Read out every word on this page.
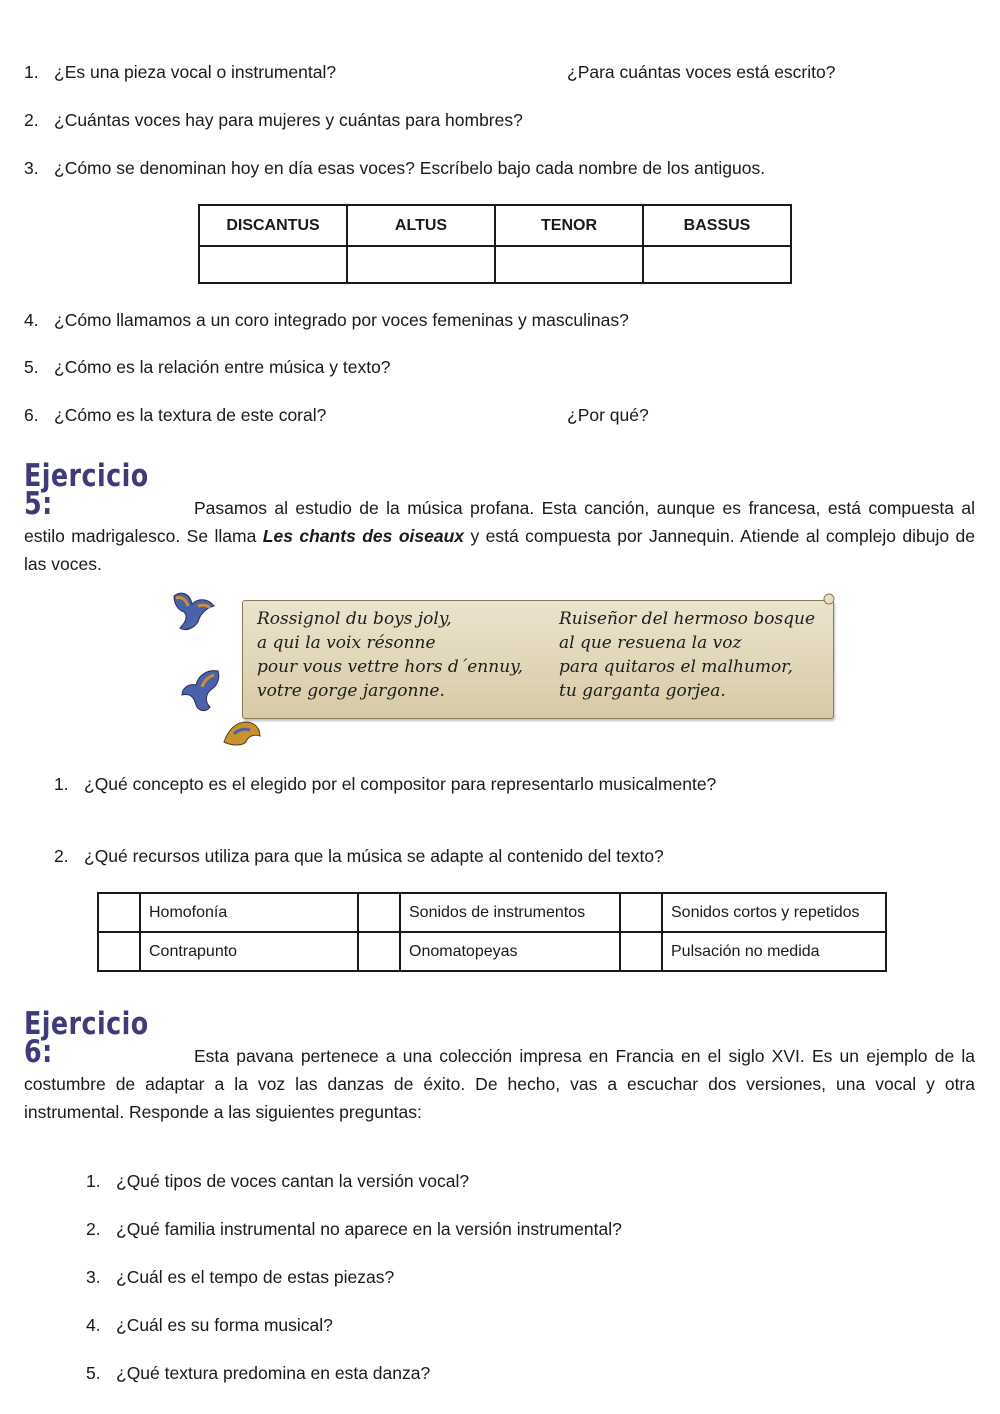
1. ¿Es una pieza vocal o instrumental?	¿Para cuántas voces está escrito?
2. ¿Cuántas voces hay para mujeres y cuántas para hombres?
3. ¿Cómo se denominan hoy en día esas voces? Escríbelo bajo cada nombre de los antiguos.
DISCANTUS	ALTUS	TENOR	BASSUS

4. ¿Cómo llamamos a un coro integrado por voces femeninas y masculinas?
5. ¿Cómo es la relación entre música y texto?
6. ¿Cómo es la textura de este coral?	¿Por qué?
Ejercicio 5:	Pasamos al estudio de la música profana. Esta canción, aunque es francesa, está compuesta al estilo madrigalesco. Se llama Les chants des oiseaux y está compuesta por Jannequin. Atiende al complejo dibujo de las voces.
Rossignol du boys joly,
a qui la voix résonne
pour vous vettre hors d´ennuy,
votre gorge jargonne.
Ruiseñor del hermoso bosque
al que resuena la voz
para quitaros el malhumor,
tu garganta gorjea.
1. ¿Qué concepto es el elegido por el compositor para representarlo musicalmente?
2. ¿Qué recursos utiliza para que la música se adapte al contenido del texto?
	Homofonía		Sonidos de instrumentos		Sonidos cortos y repetidos
	Contrapunto		Onomatopeyas		Pulsación no medida
Ejercicio 6:	Esta pavana pertenece a una colección impresa en Francia en el siglo XVI. Es un ejemplo de la costumbre de adaptar a la voz las danzas de éxito. De hecho, vas a escuchar dos versiones, una vocal y otra instrumental. Responde a las siguientes preguntas:
1. ¿Qué tipos de voces cantan la versión vocal?
2. ¿Qué familia instrumental no aparece en la versión instrumental?
3. ¿Cuál es el tempo de estas piezas?
4. ¿Cuál es su forma musical?
5. ¿Qué textura predomina en esta danza?
